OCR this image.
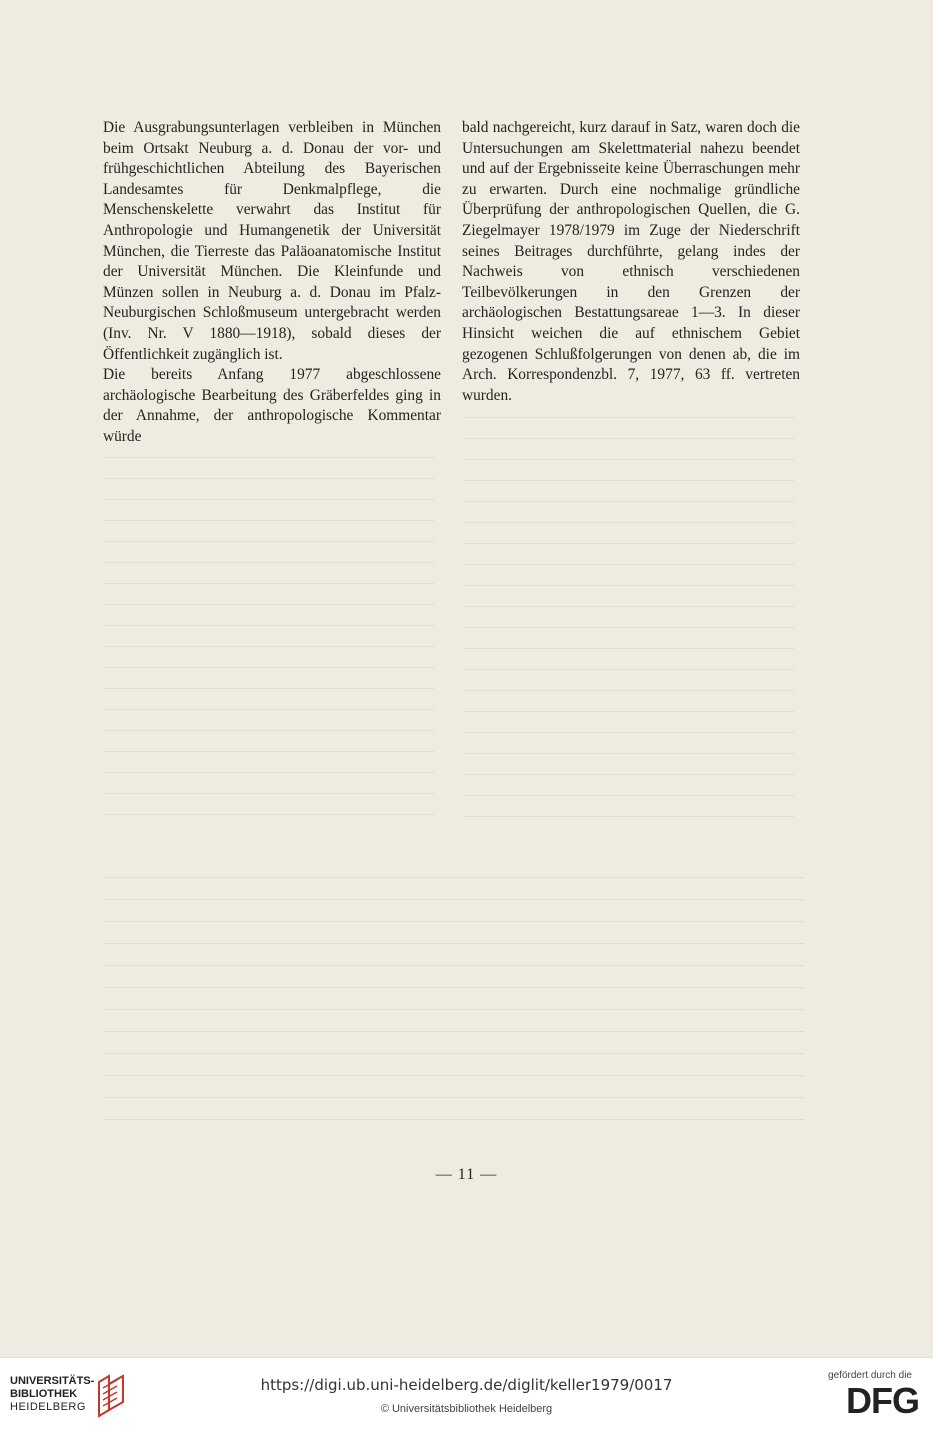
Die Ausgrabungsunterlagen verbleiben in München beim Ortsakt Neuburg a. d. Donau der vor- und frühgeschichtlichen Abteilung des Bayerischen Landesamtes für Denkmalpflege, die Menschenskelette verwahrt das Institut für Anthropologie und Humangenetik der Universität München, die Tierreste das Paläoanatomische Institut der Universität München. Die Kleinfunde und Münzen sollen in Neuburg a. d. Donau im Pfalz-Neuburgischen Schloßmuseum untergebracht werden (Inv. Nr. V 1880—1918), sobald dieses der Öffentlichkeit zugänglich ist.

Die bereits Anfang 1977 abgeschlossene archäologische Bearbeitung des Gräberfeldes ging in der Annahme, der anthropologische Kommentar würde

bald nachgereicht, kurz darauf in Satz, waren doch die Untersuchungen am Skelettmaterial nahezu beendet und auf der Ergebnisseite keine Überraschungen mehr zu erwarten. Durch eine nochmalige gründliche Überprüfung der anthropologischen Quellen, die G. Ziegelmayer 1978/1979 im Zuge der Niederschrift seines Beitrages durchführte, gelang indes der Nachweis von ethnisch verschiedenen Teilbevölkerungen in den Grenzen der archäologischen Bestattungsareae 1—3. In dieser Hinsicht weichen die auf ethnischem Gebiet gezogenen Schlußfolgerungen von denen ab, die im Arch. Korrespondenzbl. 7, 1977, 63 ff. vertreten wurden.

— 11 —
UNIVERSITÄTS-
BIBLIOTHEK
HEIDELBERG
https://digi.ub.uni-heidelberg.de/diglit/keller1979/0017
© Universitätsbibliothek Heidelberg
gefördert durch die
DFG
